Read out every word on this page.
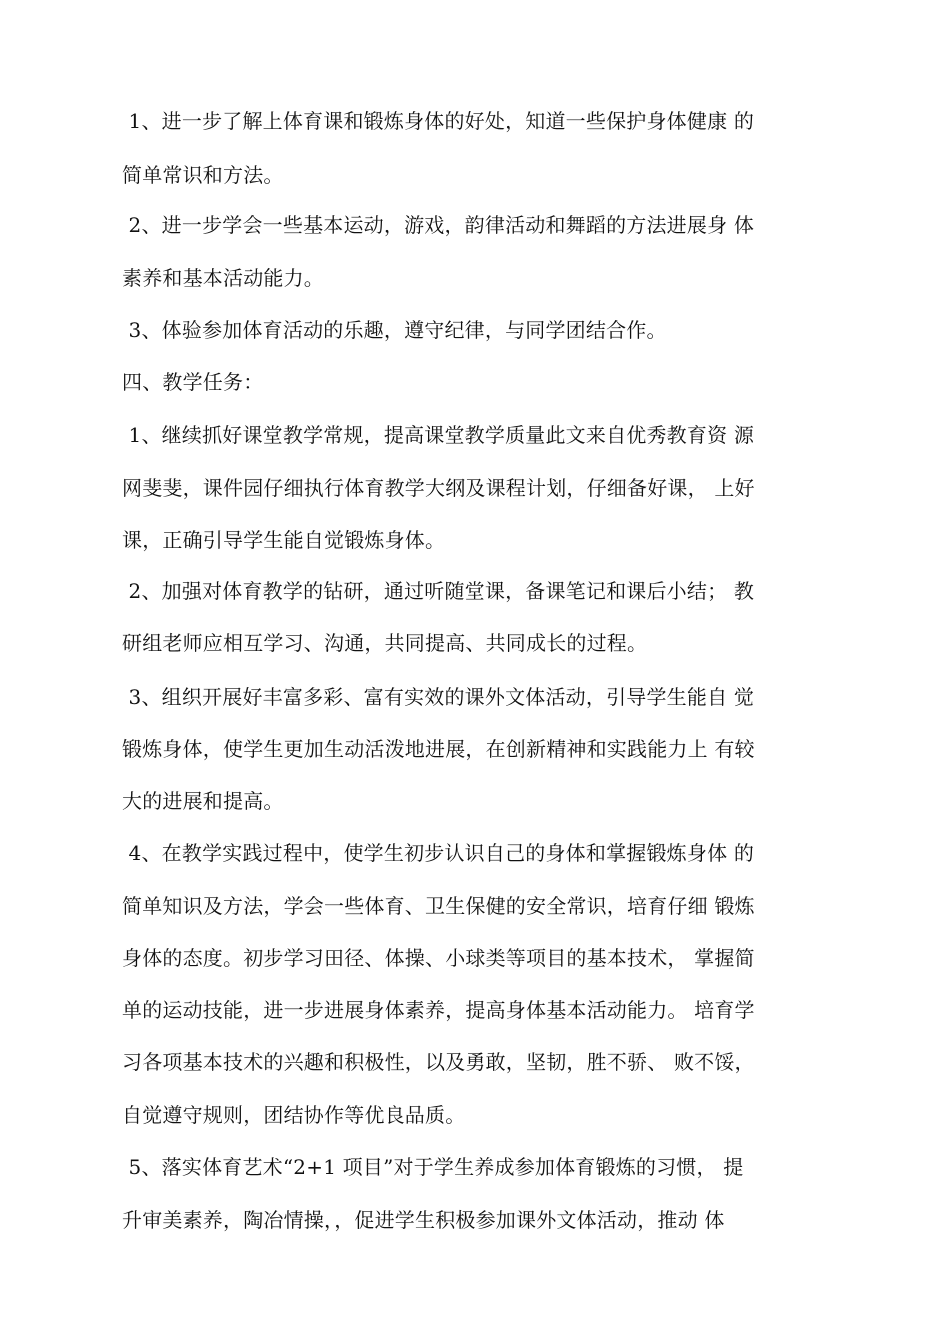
1、进一步了解上体育课和锻炼身体的好处，知道一些保护身体健康 的
简单常识和方法。
2、进一步学会一些基本运动，游戏，韵律活动和舞蹈的方法进展身 体
素养和基本活动能力。
3、体验参加体育活动的乐趣，遵守纪律，与同学团结合作。
四、教学任务：
1、继续抓好课堂教学常规，提高课堂教学质量此文来自优秀教育资 源
网斐斐，课件园仔细执行体育教学大纲及课程计划，仔细备好课， 上好
课，正确引导学生能自觉锻炼身体。
2、加强对体育教学的钻研，通过听随堂课，备课笔记和课后小结； 教
研组老师应相互学习、沟通，共同提高、共同成长的过程。
3、组织开展好丰富多彩、富有实效的课外文体活动，引导学生能自 觉
锻炼身体，使学生更加生动活泼地进展，在创新精神和实践能力上 有较
大的进展和提高。
4、在教学实践过程中，使学生初步认识自己的身体和掌握锻炼身体 的
简单知识及方法，学会一些体育、卫生保健的安全常识，培育仔细 锻炼
身体的态度。初步学习田径、体操、小球类等项目的基本技术， 掌握简
单的运动技能，进一步进展身体素养，提高身体基本活动能力。 培育学
习各项基本技术的兴趣和积极性，以及勇敢，坚韧，胜不骄、 败不馁，
自觉遵守规则，团结协作等优良品质。
5、落实体育艺术“2+1 项目”对于学生养成参加体育锻炼的习惯， 提
升审美素养，陶冶情操，，促进学生积极参加课外文体活动，推动 体
